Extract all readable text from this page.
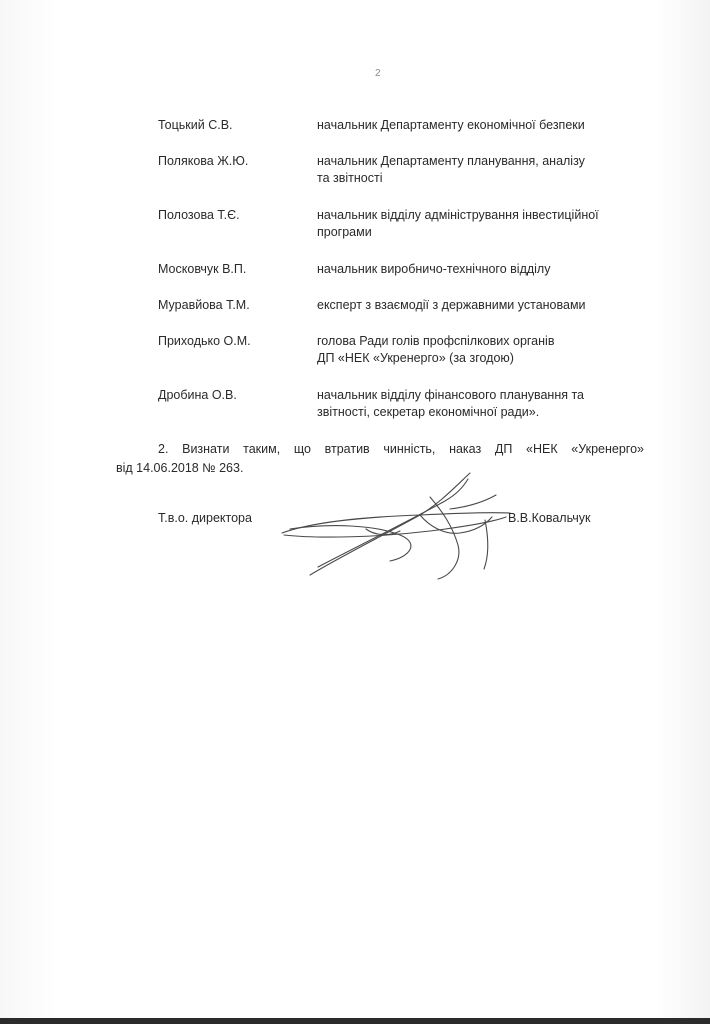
2
Тоцький С.В.	начальник Департаменту економічної безпеки
Полякова Ж.Ю.	начальник Департаменту планування, аналізу
та звітності
Полозова Т.Є.	начальник відділу адміністрування інвестиційної
програми
Московчук В.П.	начальник виробничо-технічного відділу
Муравйова Т.М.	експерт з взаємодії з державними установами
Приходько О.М.	голова Ради голів профспілкових органів
ДП «НЕК «Укренерго» (за згодою)
Дробина О.В.	начальник відділу фінансового планування та
звітності, секретар економічної ради».
2. Визнати таким, що втратив чинність, наказ ДП «НЕК «Укренерго»
від 14.06.2018 № 263.
Т.в.о. директора	В.В.Ковальчук
